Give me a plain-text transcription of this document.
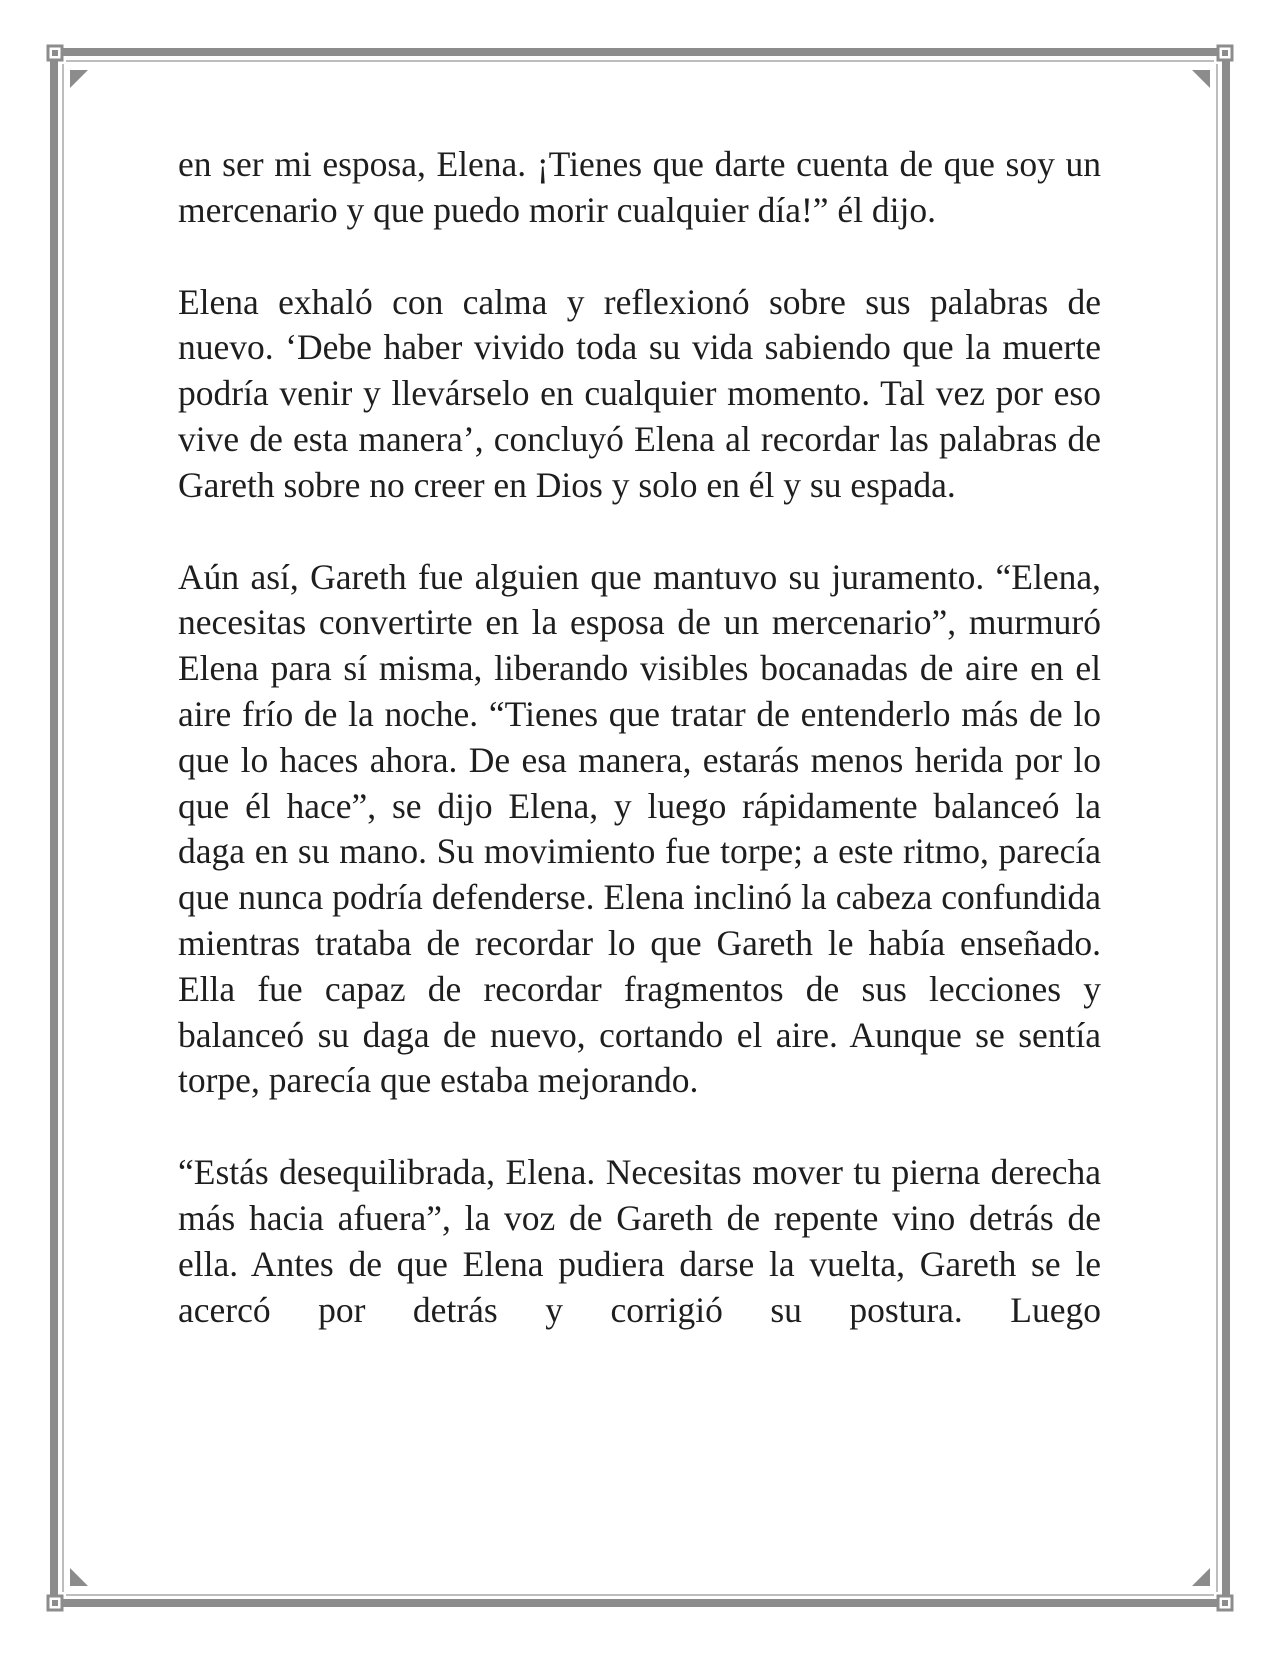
en ser mi esposa, Elena. ¡Tienes que darte cuenta de que soy un mercenario y que puedo morir cualquier día!” él dijo.

Elena exhaló con calma y reflexionó sobre sus palabras de nuevo. ‘Debe haber vivido toda su vida sabiendo que la muerte podría venir y llevárselo en cualquier momento. Tal vez por eso vive de esta manera’, concluyó Elena al recordar las palabras de Gareth sobre no creer en Dios y solo en él y su espada.

Aún así, Gareth fue alguien que mantuvo su juramento. “Elena, necesitas convertirte en la esposa de un mercenario”, murmuró Elena para sí misma, liberando visibles bocanadas de aire en el aire frío de la noche. “Tienes que tratar de entenderlo más de lo que lo haces ahora. De esa manera, estarás menos herida por lo que él hace”, se dijo Elena, y luego rápidamente balanceó la daga en su mano. Su movimiento fue torpe; a este ritmo, parecía que nunca podría defenderse. Elena inclinó la cabeza confundida mientras trataba de recordar lo que Gareth le había enseñado. Ella fue capaz de recordar fragmentos de sus lecciones y balanceó su daga de nuevo, cortando el aire. Aunque se sentía torpe, parecía que estaba mejorando.

“Estás desequilibrada, Elena. Necesitas mover tu pierna derecha más hacia afuera”, la voz de Gareth de repente vino detrás de ella. Antes de que Elena pudiera darse la vuelta, Gareth se le acercó por detrás y corrigió su postura. Luego
